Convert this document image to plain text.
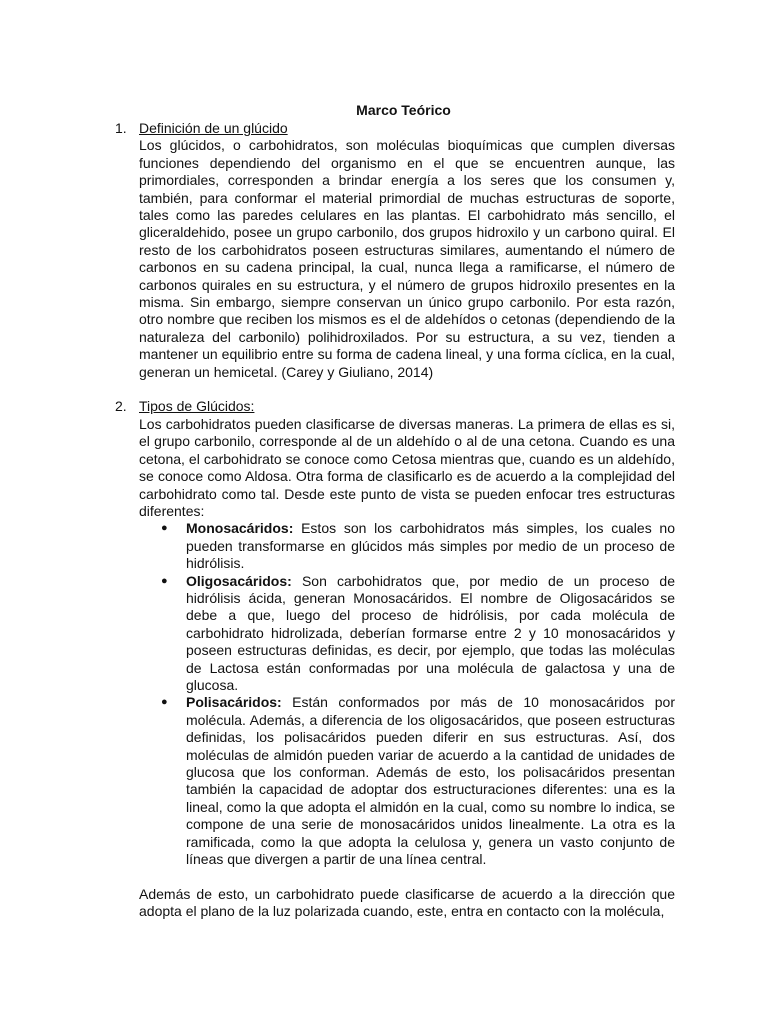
Marco Teórico
1. Definición de un glúcido

Los glúcidos, o carbohidratos, son moléculas bioquímicas que cumplen diversas funciones dependiendo del organismo en el que se encuentren aunque, las primordiales, corresponden a brindar energía a los seres que los consumen y, también, para conformar el material primordial de muchas estructuras de soporte, tales como las paredes celulares en las plantas. El carbohidrato más sencillo, el gliceraldehido, posee un grupo carbonilo, dos grupos hidroxilo y un carbono quiral. El resto de los carbohidratos poseen estructuras similares, aumentando el número de carbonos en su cadena principal, la cual, nunca llega a ramificarse, el número de carbonos quirales en su estructura, y el número de grupos hidroxilo presentes en la misma. Sin embargo, siempre conservan un único grupo carbonilo. Por esta razón, otro nombre que reciben los mismos es el de aldehídos o cetonas (dependiendo de la naturaleza del carbonilo) polihidroxilados. Por su estructura, a su vez, tienden a mantener un equilibrio entre su forma de cadena lineal, y una forma cíclica, en la cual, generan un hemicetal. (Carey y Giuliano, 2014)

2. Tipos de Glúcidos:

Los carbohidratos pueden clasificarse de diversas maneras. La primera de ellas es si, el grupo carbonilo, corresponde al de un aldehído o al de una cetona. Cuando es una cetona, el carbohidrato se conoce como Cetosa mientras que, cuando es un aldehído, se conoce como Aldosa. Otra forma de clasificarlo es de acuerdo a la complejidad del carbohidrato como tal. Desde este punto de vista se pueden enfocar tres estructuras diferentes:

● Monosacáridos: Estos son los carbohidratos más simples, los cuales no pueden transformarse en glúcidos más simples por medio de un proceso de hidrólisis.
● Oligosacáridos: Son carbohidratos que, por medio de un proceso de hidrólisis ácida, generan Monosacáridos. El nombre de Oligosacáridos se debe a que, luego del proceso de hidrólisis, por cada molécula de carbohidrato hidrolizada, deberían formarse entre 2 y 10 monosacáridos y poseen estructuras definidas, es decir, por ejemplo, que todas las moléculas de Lactosa están conformadas por una molécula de galactosa y una de glucosa.
● Polisacáridos: Están conformados por más de 10 monosacáridos por molécula. Además, a diferencia de los oligosacáridos, que poseen estructuras definidas, los polisacáridos pueden diferir en sus estructuras. Así, dos moléculas de almidón pueden variar de acuerdo a la cantidad de unidades de glucosa que los conforman. Además de esto, los polisacáridos presentan también la capacidad de adoptar dos estructuraciones diferentes: una es la lineal, como la que adopta el almidón en la cual, como su nombre lo indica, se compone de una serie de monosacáridos unidos linealmente. La otra es la ramificada, como la que adopta la celulosa y, genera un vasto conjunto de líneas que divergen a partir de una línea central.

Además de esto, un carbohidrato puede clasificarse de acuerdo a la dirección que adopta el plano de la luz polarizada cuando, este, entra en contacto con la molécula,
